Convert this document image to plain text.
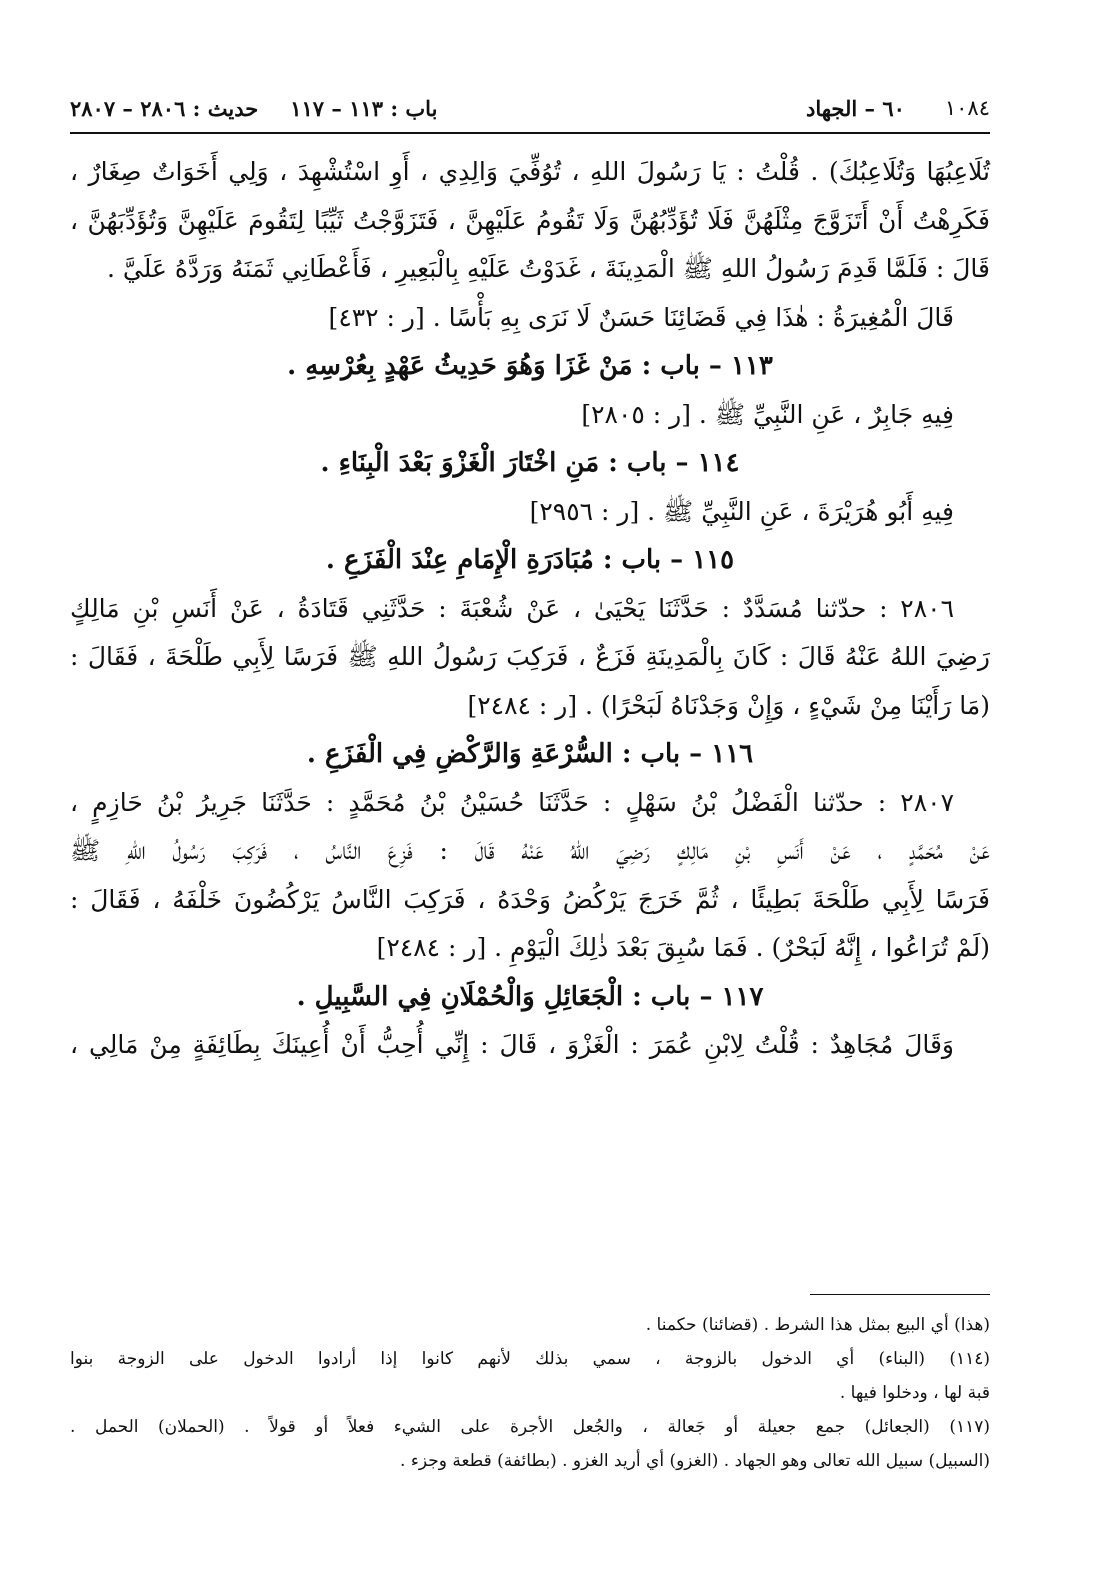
١٠٨٤
٦٠ – الجهاد
باب : ١١٣ – ١١٧
حديث : ٢٨٠٦ – ٢٨٠٧

تُلَاعِبُهَا وَتُلَاعِبُكَ) . قُلْتُ : يَا رَسُولَ اللهِ ، تُوُفِّيَ وَالِدِي ، أَوِ اسْتُشْهِدَ ، وَلِي أَخَوَاتٌ صِغَارٌ ،

فَكَرِهْتُ أَنْ أَتَزَوَّجَ مِثْلَهُنَّ فَلَا تُؤَدِّبُهُنَّ وَلَا تَقُومُ عَلَيْهِنَّ ، فَتَزَوَّجْتُ ثَيِّبًا لِتَقُومَ عَلَيْهِنَّ وَتُؤَدِّبَهُنَّ ،

قَالَ : فَلَمَّا قَدِمَ رَسُولُ اللهِ ﷺ الْمَدِينَةَ ، غَدَوْتُ عَلَيْهِ بِالْبَعِيرِ ، فَأَعْطَانِي ثَمَنَهُ وَرَدَّهُ عَلَيَّ .

قَالَ الْمُغِيرَةُ : هٰذَا فِي قَضَائِنَا حَسَنٌ لَا نَرَى بِهِ بَأْسًا . [ر : ٤٣٢]

١١٣ – باب : مَنْ غَزَا وَهُوَ حَدِيثُ عَهْدٍ بِعُرْسِهِ .

فِيهِ جَابِرٌ ، عَنِ النَّبِيِّ ﷺ . [ر : ٢٨٠٥]

١١٤ – باب : مَنِ اخْتَارَ الْغَزْوَ بَعْدَ الْبِنَاءِ .

فِيهِ أَبُو هُرَيْرَةَ ، عَنِ النَّبِيِّ ﷺ . [ر : ٢٩٥٦]

١١٥ – باب : مُبَادَرَةِ الْإِمَامِ عِنْدَ الْفَزَعِ .

٢٨٠٦ : حدّثنا مُسَدَّدٌ : حَدَّثَنَا يَحْيَىٰ ، عَنْ شُعْبَةَ : حَدَّثَنِي قَتَادَةُ ، عَنْ أَنَسِ بْنِ مَالِكٍ

رَضِيَ اللهُ عَنْهُ قَالَ : كَانَ بِالْمَدِينَةِ فَزَعٌ ، فَرَكِبَ رَسُولُ اللهِ ﷺ فَرَسًا لِأَبِي طَلْحَةَ ، فَقَالَ :

(مَا رَأَيْنَا مِنْ شَيْءٍ ، وَإِنْ وَجَدْنَاهُ لَبَحْرًا) . [ر : ٢٤٨٤]

١١٦ – باب : السُّرْعَةِ وَالرَّكْضِ فِي الْفَزَعِ .

٢٨٠٧ : حدّثنا الْفَضْلُ بْنُ سَهْلٍ : حَدَّثَنَا حُسَيْنُ بْنُ مُحَمَّدٍ : حَدَّثَنَا جَرِيرُ بْنُ حَازِمٍ ،

عَنْ مُحَمَّدٍ ، عَنْ أَنَسِ بْنِ مَالِكٍ رَضِيَ اللهُ عَنْهُ قَالَ : فَزِعَ النَّاسُ ، فَرَكِبَ رَسُولُ اللهِ ﷺ

فَرَسًا لِأَبِي طَلْحَةَ بَطِيئًا ، ثُمَّ خَرَجَ يَرْكُضُ وَحْدَهُ ، فَرَكِبَ النَّاسُ يَرْكُضُونَ خَلْفَهُ ، فَقَالَ :

(لَمْ تُرَاعُوا ، إِنَّهُ لَبَحْرٌ) . فَمَا سُبِقَ بَعْدَ ذٰلِكَ الْيَوْمِ . [ر : ٢٤٨٤]

١١٧ – باب : الْجَعَائِلِ وَالْحُمْلَانِ فِي السَّبِيلِ .

وَقَالَ مُجَاهِدٌ : قُلْتُ لِابْنِ عُمَرَ : الْغَزْوَ ، قَالَ : إِنِّي أُحِبُّ أَنْ أُعِينَكَ بِطَائِفَةٍ مِنْ مَالِي ،

(هذا) أي البيع بمثل هذا الشرط . (قضائنا) حكمنا .

(١١٤) (البناء) أي الدخول بالزوجة ، سمي بذلك لأنهم كانوا إذا أرادوا الدخول على الزوجة بنوا

قبة لها ، ودخلوا فيها .

(١١٧) (الجعائل) جمع جعيلة أو جَعالة ، والجُعل الأجرة على الشيء فعلاً أو قولاً . (الحملان) الحمل .

(السبيل) سبيل الله تعالى وهو الجهاد . (الغزو) أي أريد الغزو . (بطائفة) قطعة وجزء .
